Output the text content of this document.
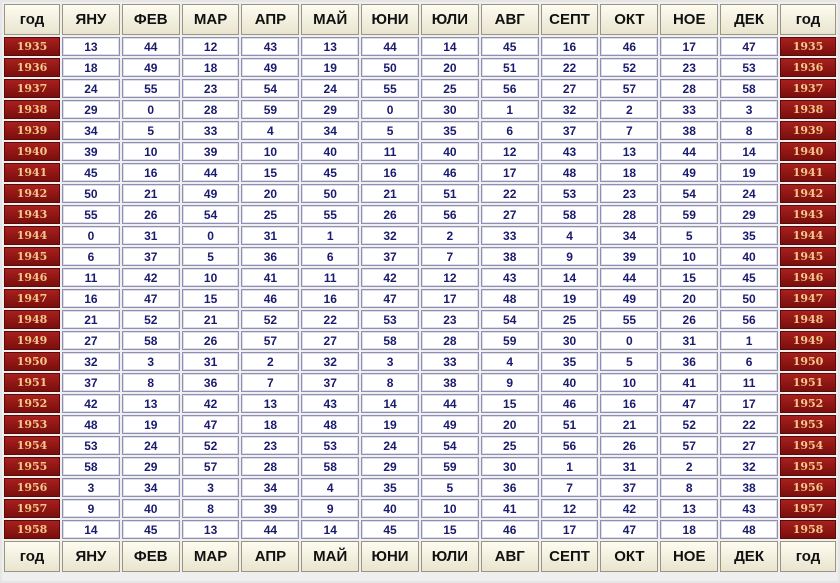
год	ЯНУ	ФЕВ	МАР	АПР	МАЙ	ЮНИ	ЮЛИ	АВГ	СЕПТ	ОКТ	НОЕ	ДЕК	год
1935	13	44	12	43	13	44	14	45	16	46	17	47	1935
1936	18	49	18	49	19	50	20	51	22	52	23	53	1936
1937	24	55	23	54	24	55	25	56	27	57	28	58	1937
1938	29	0	28	59	29	0	30	1	32	2	33	3	1938
1939	34	5	33	4	34	5	35	6	37	7	38	8	1939
1940	39	10	39	10	40	11	40	12	43	13	44	14	1940
1941	45	16	44	15	45	16	46	17	48	18	49	19	1941
1942	50	21	49	20	50	21	51	22	53	23	54	24	1942
1943	55	26	54	25	55	26	56	27	58	28	59	29	1943
1944	0	31	0	31	1	32	2	33	4	34	5	35	1944
1945	6	37	5	36	6	37	7	38	9	39	10	40	1945
1946	11	42	10	41	11	42	12	43	14	44	15	45	1946
1947	16	47	15	46	16	47	17	48	19	49	20	50	1947
1948	21	52	21	52	22	53	23	54	25	55	26	56	1948
1949	27	58	26	57	27	58	28	59	30	0	31	1	1949
1950	32	3	31	2	32	3	33	4	35	5	36	6	1950
1951	37	8	36	7	37	8	38	9	40	10	41	11	1951
1952	42	13	42	13	43	14	44	15	46	16	47	17	1952
1953	48	19	47	18	48	19	49	20	51	21	52	22	1953
1954	53	24	52	23	53	24	54	25	56	26	57	27	1954
1955	58	29	57	28	58	29	59	30	1	31	2	32	1955
1956	3	34	3	34	4	35	5	36	7	37	8	38	1956
1957	9	40	8	39	9	40	10	41	12	42	13	43	1957
1958	14	45	13	44	14	45	15	46	17	47	18	48	1958
год	ЯНУ	ФЕВ	МАР	АПР	МАЙ	ЮНИ	ЮЛИ	АВГ	СЕПТ	ОКТ	НОЕ	ДЕК	год
